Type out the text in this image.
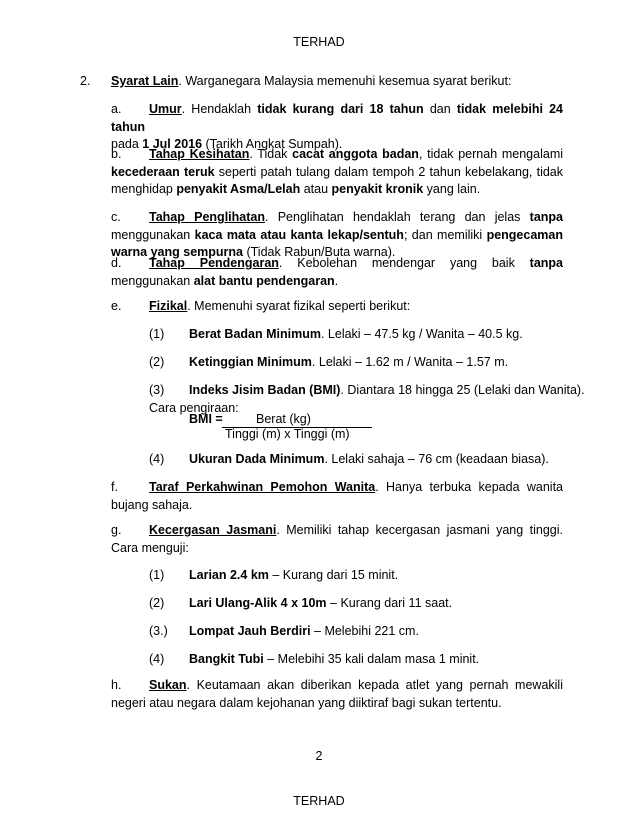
TERHAD
2. Syarat Lain. Warganegara Malaysia memenuhi kesemua syarat berikut:
a.	Umur. Hendaklah tidak kurang dari 18 tahun dan tidak melebihi 24 tahun
pada 1 Jul 2016 (Tarikh Angkat Sumpah).
b.	Tahap Kesihatan. Tidak cacat anggota badan, tidak pernah mengalami kecederaan teruk seperti patah tulang dalam tempoh 2 tahun kebelakang, tidak menghidap penyakit Asma/Lelah atau penyakit kronik yang lain.
c.	Tahap Penglihatan. Penglihatan hendaklah terang dan jelas tanpa menggunakan kaca mata atau kanta lekap/sentuh; dan memiliki pengecaman warna yang sempurna (Tidak Rabun/Buta warna).
d.	Tahap Pendengaran. Kebolehan mendengar yang baik tanpa menggunakan alat bantu pendengaran.
e. Fizikal. Memenuhi syarat fizikal seperti berikut:
(1) Berat Badan Minimum. Lelaki – 47.5 kg / Wanita – 40.5 kg.
(2) Ketinggian Minimum. Lelaki – 1.62 m / Wanita – 1.57 m.
(3) Indeks Jisim Badan (BMI). Diantara 18 hingga 25 (Lelaki dan Wanita).
Cara pengiraan:
BMI =	Berat (kg)
Tinggi (m) x Tinggi (m)
(4) Ukuran Dada Minimum. Lelaki sahaja – 76 cm (keadaan biasa).
f.	Taraf Perkahwinan Pemohon Wanita. Hanya terbuka kepada wanita bujang sahaja.
g.	Kecergasan Jasmani. Memiliki tahap kecergasan jasmani yang tinggi. Cara menguji:
(1) Larian 2.4 km – Kurang dari 15 minit.
(2) Lari Ulang-Alik 4 x 10m – Kurang dari 11 saat.
(3.) Lompat Jauh Berdiri – Melebihi 221 cm.
(4) Bangkit Tubi – Melebihi 35 kali dalam masa 1 minit.
h.	Sukan. Keutamaan akan diberikan kepada atlet yang pernah mewakili negeri atau negara dalam kejohanan yang diiktiraf bagi sukan tertentu.
2
TERHAD
